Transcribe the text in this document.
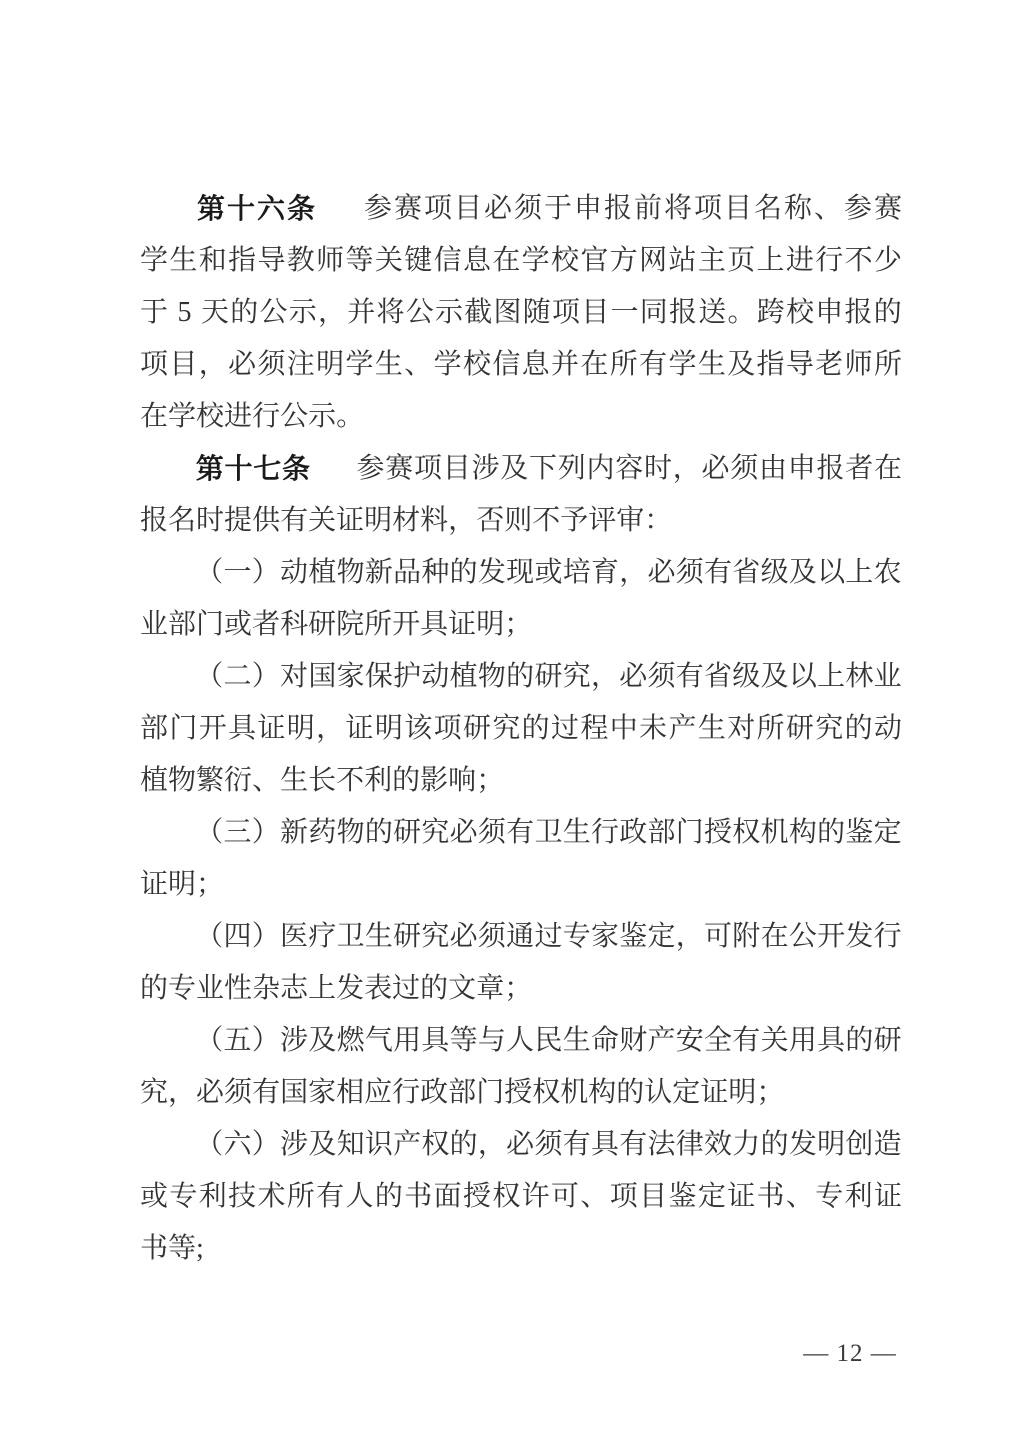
第 十 六 条 参 赛 项 目 必 须 于 申 报 前 将 项 目 名 称 、 参 赛
学 生 和 指 导 教 师 等 关 键 信 息 在 学 校 官 方 网 站 主 页 上 进 行 不 少
于
5
天 的 公 示 ， 并 将 公 示 截 图 随 项 目 一 同 报 送 。 跨 校 申 报 的
项 目 ， 必 须 注 明 学 生 、 学 校 信 息 并 在 所 有 学 生 及 指 导 老 师 所
在 学 校 进 行 公 示 。
第 十 七 条 参 赛 项 目 涉 及 下 列 内 容 时 ， 必 须 由 申 报 者 在
报 名 时 提 供 有 关 证 明 材 料 ， 否 则 不 予 评 审 ：
（ 一 ） 动 植 物 新 品 种 的 发 现 或 培 育 ， 必 须 有 省 级 及 以 上 农
业 部 门 或 者 科 研 院 所 开 具 证 明 ；
（ 二 ） 对 国 家 保 护 动 植 物 的 研 究 ， 必 须 有 省 级 及 以 上 林 业
部 门 开 具 证 明 ， 证 明 该 项 研 究 的 过 程 中 未 产 生 对 所 研 究 的 动
植 物 繁 衍 、 生 长 不 利 的 影 响 ；
（ 三 ） 新 药 物 的 研 究 必 须 有 卫 生 行 政 部 门 授 权 机 构 的 鉴 定
证 明 ；
（ 四 ） 医 疗 卫 生 研 究 必 须 通 过 专 家 鉴 定 ， 可 附 在 公 开 发 行
的 专 业 性 杂 志 上 发 表 过 的 文 章 ；
（ 五 ） 涉 及 燃 气 用 具 等 与 人 民 生 命 财 产 安 全 有 关 用 具 的 研
究 ， 必 须 有 国 家 相 应 行 政 部 门 授 权 机 构 的 认 定 证 明 ；
（ 六 ） 涉 及 知 识 产 权 的 ， 必 须 有 具 有 法 律 效 力 的 发 明 创 造
或 专 利 技 术 所 有 人 的 书 面 授 权 许 可 、 项 目 鉴 定 证 书 、 专 利 证
书 等 ;
— 12 —
